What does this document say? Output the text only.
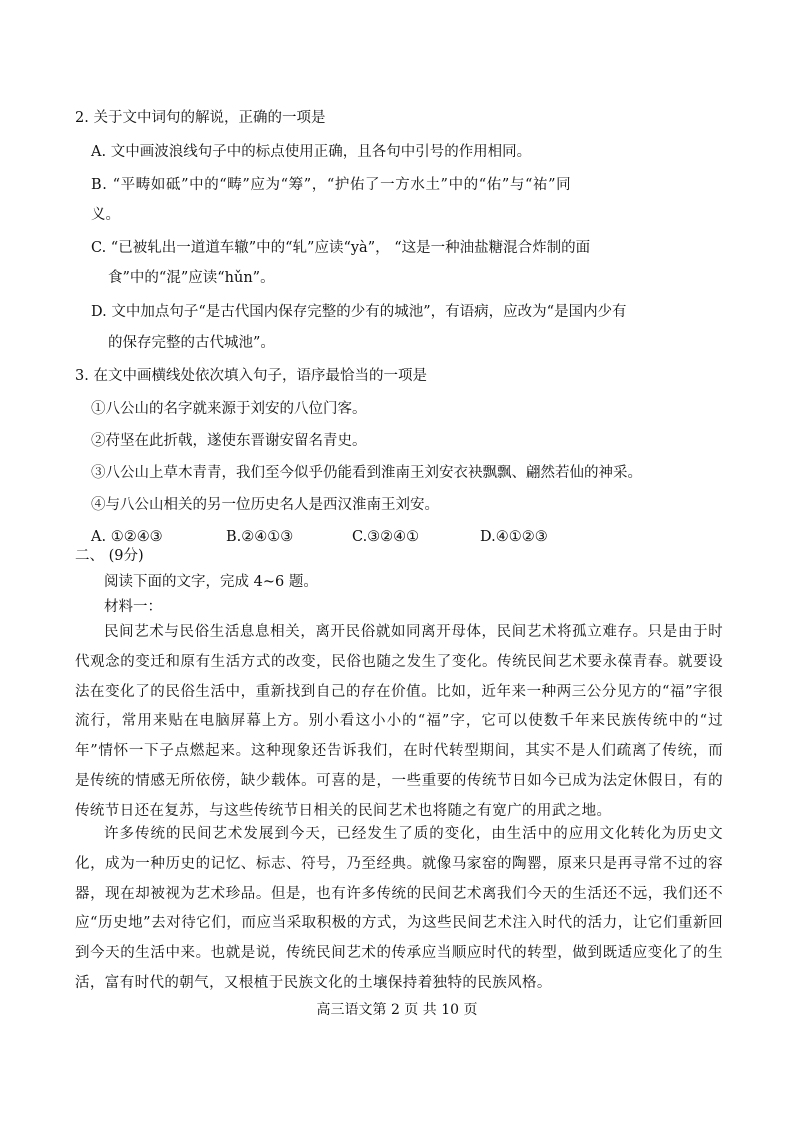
2. 关于文中词句的解说，正确的一项是
A. 文中画波浪线句子中的标点使用正确，且各句中引号的作用相同。
B. “平畴如砥”中的“畴”应为“筹”，“护佑了一方水土”中的“佑”与“祐”同
义。
C. “已被轧出一道道车辙”中的“轧”应读“yà”， “这是一种油盐糖混合炸制的面
食”中的“混”应读“hǔn”。
D. 文中加点句子“是古代国内保存完整的少有的城池”，有语病，应改为“是国内少有
的保存完整的古代城池”。
3. 在文中画横线处依次填入句子，语序最恰当的一项是
①八公山的名字就来源于刘安的八位门客。
②苻坚在此折戟，遂使东晋谢安留名青史。
③八公山上草木青青，我们至今似乎仍能看到淮南王刘安衣袂飘飘、翩然若仙的神采。
④与八公山相关的另一位历史名人是西汉淮南王刘安。
A. ①②④③	B.②④①③	C.③②④①	D.④①②③
二、 (9分)
阅读下面的文字，完成 4~6 题。
材料一：
民间艺术与民俗生活息息相关，离开民俗就如同离开母体，民间艺术将孤立难存。只是由于时代观念的变迁和原有生活方式的改变，民俗也随之发生了变化。传统民间艺术要永葆青春。就要设法在变化了的民俗生活中，重新找到自己的存在价值。比如，近年来一种两三公分见方的“福”字很流行，常用来贴在电脑屏幕上方。别小看这小小的“福”字，它可以使数千年来民族传统中的“过年”情怀一下子点燃起来。这种现象还告诉我们，在时代转型期间，其实不是人们疏离了传统，而是传统的情感无所依傍，缺少载体。可喜的是，一些重要的传统节日如今已成为法定休假日，有的传统节日还在复苏，与这些传统节日相关的民间艺术也将随之有宽广的用武之地。
许多传统的民间艺术发展到今天，已经发生了质的变化，由生活中的应用文化转化为历史文化，成为一种历史的记忆、标志、符号，乃至经典。就像马家窑的陶罂，原来只是再寻常不过的容器，现在却被视为艺术珍品。但是，也有许多传统的民间艺术离我们今天的生活还不远，我们还不应“历史地”去对待它们，而应当采取积极的方式，为这些民间艺术注入时代的活力，让它们重新回到今天的生活中来。也就是说，传统民间艺术的传承应当顺应时代的转型，做到既适应变化了的生活，富有时代的朝气，又根植于民族文化的土壤保持着独特的民族风格。
高三语文第 2 页 共 10 页
